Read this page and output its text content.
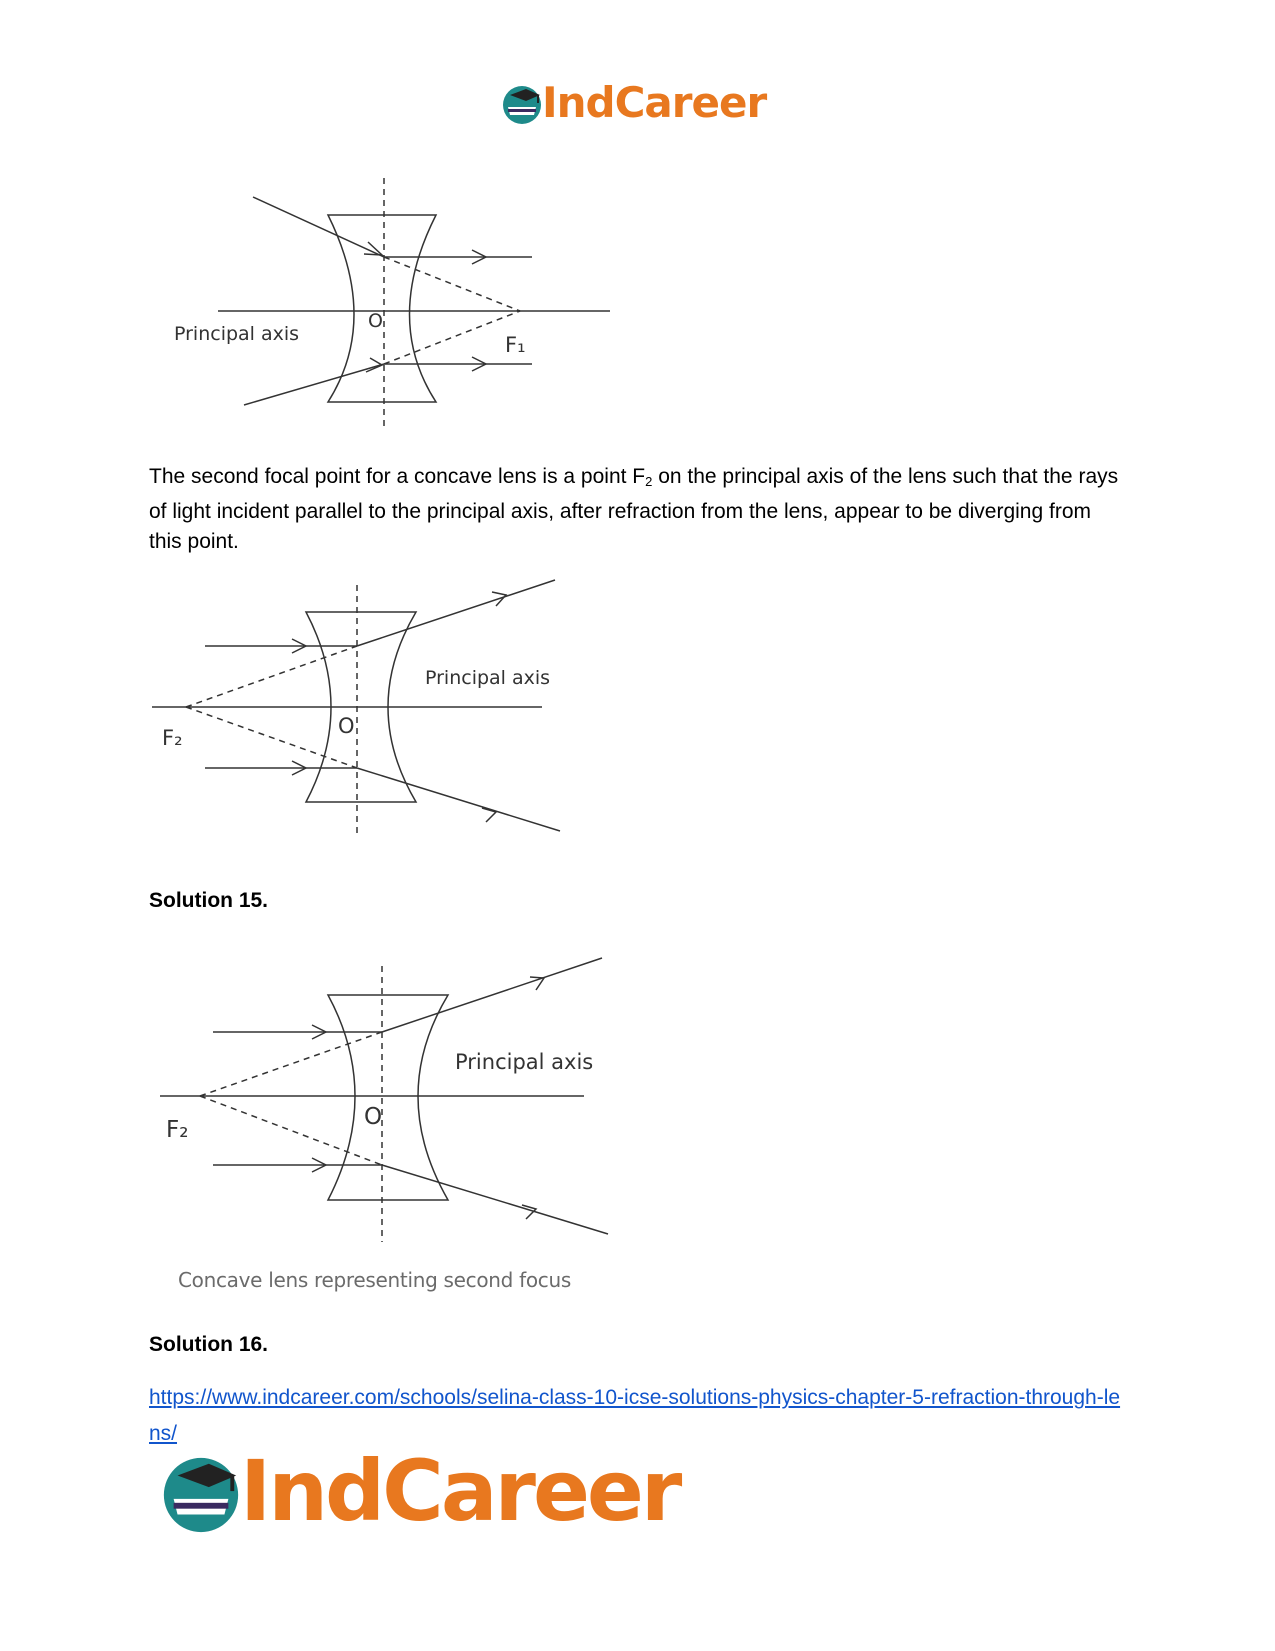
IndCareer
Principal axis
O
F₁
The second focal point for a concave lens is a point $F_2$ on the principal axis of the lens such that the rays of light incident parallel to the principal axis, after refraction from the lens, appear to be diverging from this point.
Principal axis
O
F₂
Solution 15.
Principal axis
O
F₂
Concave lens representing second focus
Solution 16.
https://www.indcareer.com/schools/selina-class-10-icse-solutions-physics-chapter-5-refraction-through-lens/
IndCareer
